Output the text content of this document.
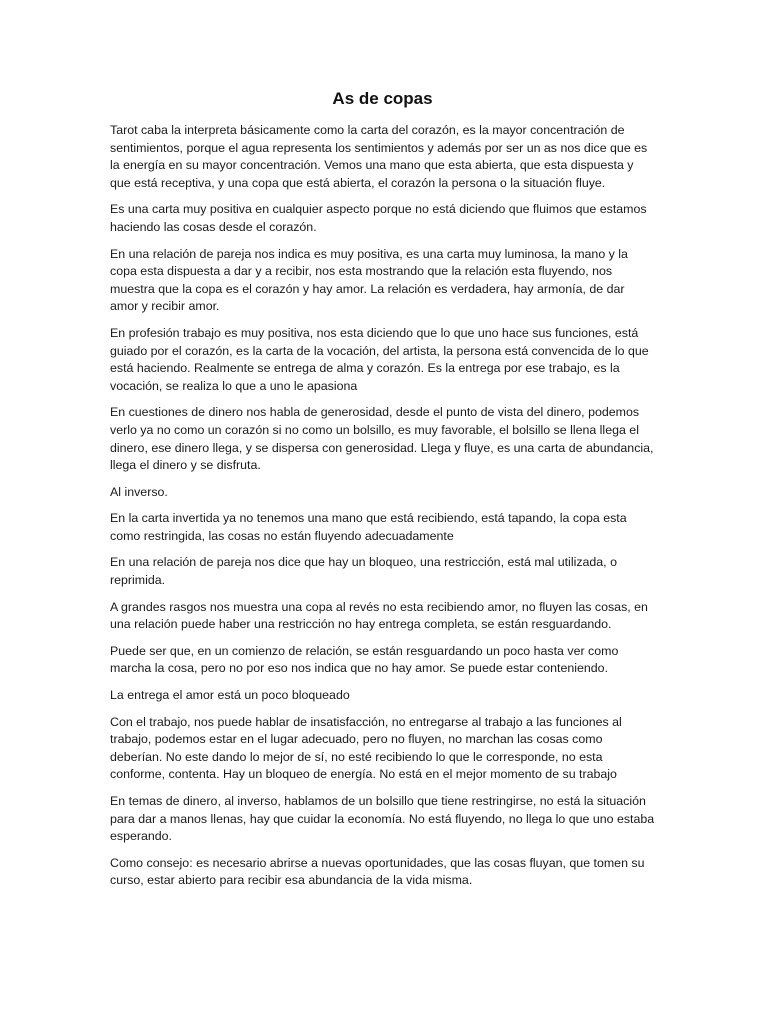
As de copas

Tarot caba la interpreta básicamente como la carta del corazón, es la mayor concentración de sentimientos, porque el agua representa los sentimientos y además por ser un as nos dice que es la energía en su mayor concentración. Vemos una mano que esta abierta, que esta dispuesta y que está receptiva, y una copa que está abierta, el corazón la persona o la situación fluye.

Es una carta muy positiva en cualquier aspecto porque no está diciendo que fluimos que estamos haciendo las cosas desde el corazón.

En una relación de pareja nos indica es muy positiva, es una carta muy luminosa, la mano y la copa esta dispuesta a dar y a recibir, nos esta mostrando que la relación esta fluyendo, nos muestra que la copa es el corazón y hay amor. La relación es verdadera, hay armonía, de dar amor y recibir amor.

En profesión trabajo es muy positiva, nos esta diciendo que lo que uno hace sus funciones, está guiado por el corazón, es la carta de la vocación, del artista, la persona está convencida de lo que está haciendo. Realmente se entrega de alma y corazón. Es la entrega por ese trabajo, es la vocación, se realiza lo que a uno le apasiona

En cuestiones de dinero nos habla de generosidad, desde el punto de vista del dinero, podemos verlo ya no como un corazón si no como un bolsillo, es muy favorable, el bolsillo se llena llega el dinero, ese dinero llega, y se dispersa con generosidad. Llega y fluye, es una carta de abundancia, llega el dinero y se disfruta.

Al inverso.

En la carta invertida ya no tenemos una mano que está recibiendo, está tapando, la copa esta como restringida, las cosas no están fluyendo adecuadamente

En una relación de pareja nos dice que hay un bloqueo, una restricción, está mal utilizada, o reprimida.

A grandes rasgos nos muestra una copa al revés no esta recibiendo amor, no fluyen las cosas, en una relación puede haber una restricción no hay entrega completa, se están resguardando.

Puede ser que, en un comienzo de relación, se están resguardando un poco hasta ver como marcha la cosa, pero no por eso nos indica que no hay amor. Se puede estar conteniendo.

La entrega el amor está un poco bloqueado

Con el trabajo, nos puede hablar de insatisfacción, no entregarse al trabajo a las funciones al trabajo, podemos estar en el lugar adecuado, pero no fluyen, no marchan las cosas como deberían. No este dando lo mejor de sí, no esté recibiendo lo que le corresponde, no esta conforme, contenta. Hay un bloqueo de energía. No está en el mejor momento de su trabajo

En temas de dinero, al inverso, hablamos de un bolsillo que tiene restringirse, no está la situación para dar a manos llenas, hay que cuidar la economía. No está fluyendo, no llega lo que uno estaba esperando.

Como consejo: es necesario abrirse a nuevas oportunidades, que las cosas fluyan, que tomen su curso, estar abierto para recibir esa abundancia de la vida misma.
